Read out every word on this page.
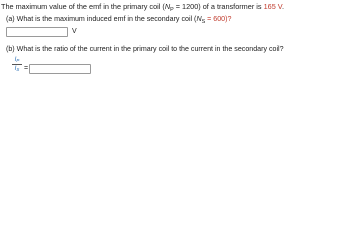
The maximum value of the emf in the primary coil $(N_P = 1200)$ of a transformer is 165 V.
(a) What is the maximum induced emf in the secondary coil $(N_S = 600)$?
V
(b) What is the ratio of the current in the primary coil to the current in the secondary coil?
$\frac{IP}{IS}$ =
